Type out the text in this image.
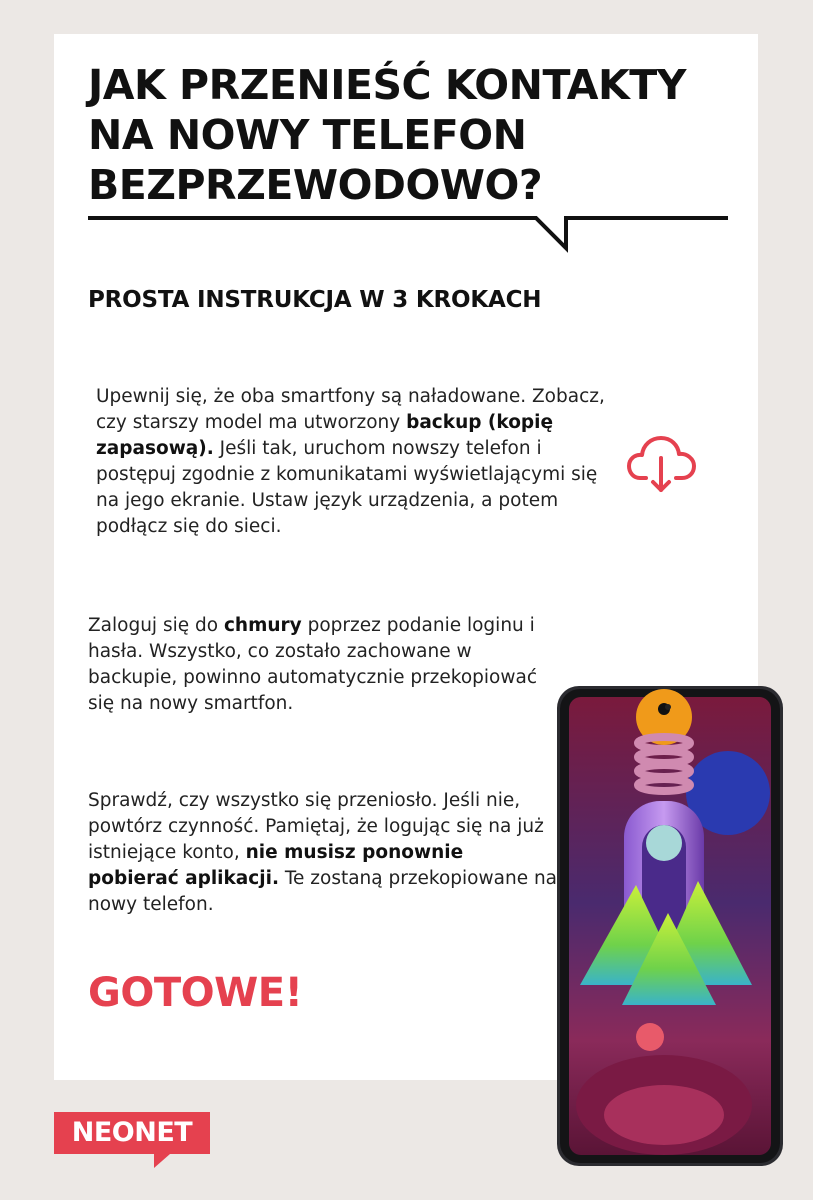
JAK PRZENIEŚĆ KONTAKTY
NA NOWY TELEFON
BEZPRZEWODOWO?
PROSTA INSTRUKCJA W 3 KROKACH

Upewnij się, że oba smartfony są naładowane. Zobacz, czy starszy model ma utworzony backup (kopię zapasową). Jeśli tak, uruchom nowszy telefon i postępuj zgodnie z komunikatami wyświetlającymi się na jego ekranie. Ustaw język urządzenia, a potem podłącz się do sieci.

Zaloguj się do chmury poprzez podanie loginu i hasła. Wszystko, co zostało zachowane w backupie, powinno automatycznie przekopiować się na nowy smartfon.

Sprawdź, czy wszystko się przeniosło. Jeśli nie, powtórz czynność. Pamiętaj, że logując się na już istniejące konto, nie musisz ponownie pobierać aplikacji. Te zostaną przekopiowane na nowy telefon.

GOTOWE!
NEONET
